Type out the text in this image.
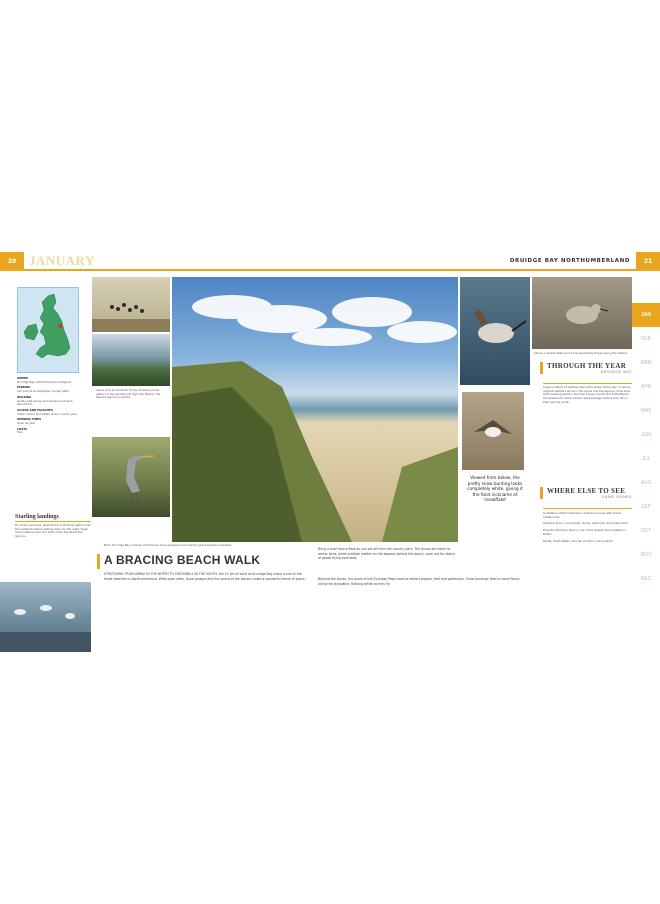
20 JANUARY	DRUIDGE BAY NORTHUMBERLAND	21
WHERE
Druridge Bay, Northumberland, England
PARKING
Car park at Druridge Bay Country Park
WALKING
Gentle walk along sand dunes and beach, about 8 km
ACCESS AND FACILITIES
Visitor centre and toilets at the country park
OPENING TIMES
Open all year
COSTS
Free
Starling landings
On winter evenings, large flocks of starlings gather over the reedbeds before settling down for the night. Huge murmurations swirl and twist in the sky above the lagoons.
Above (top and bottom) Flocks of wading birds gather on the shoreline at high tide. Below: The reserve lagoons in winter.
Main: Druridge Bay, looking north across dune grassland and marram grass towards Cresswell.
Above: A pintail drake and a tiny sanderling forage along the tideline.
Viewed from below, the pretty snow bunting looks completely white, giving it the fond nickname of 'snowflake'
A BRACING BEACH WALK
STRETCHING FROM AMBLE IN THE NORTH TO CRESSWELL IN THE SOUTH, the 11 km of sand at Druridge Bay make it one of the finest beaches in Northumberland. Wide open skies, dune grasses and the sound of the waves create a wonderful sense of space.
Bring a scarf and a flask as you set off from the country park. The dunes are home to winter birds, while wildfowl shelter on the lagoons behind the beach. Look out for skeins of geese flying overhead.
Beyond the dunes, the pools of the Druridge Pools reserve attract wigeon, teal and goldeneye. Snow buntings feed in small flocks along the strandline, flashing white as they fly.
THROUGH THE YEAR
DRUIDGE BAY
Large numbers of wildfowl spend the winter at the bay. In spring, migrant warblers arrive in the dunes and the lagoons come alive with breeding waders. Summer brings orchids and butterflies to the grasslands, while autumn sees passage waders stop off on their journey south.
WHERE ELSE TO SEE
SAND DUNES
Lindisfarne, Northumberland: extensive dunes with marsh helleborines
Gibraltar Point, Lincolnshire: dunes, saltmarsh and winter birds
Braunton Burrows, Devon: one of the largest dune systems in Britain
Kenfig, South Wales: rare fen orchids in dune slacks
JAN
FEB
MAR
APR
MAY
JUN
JUL
AUG
SEP
OCT
NOV
DEC
